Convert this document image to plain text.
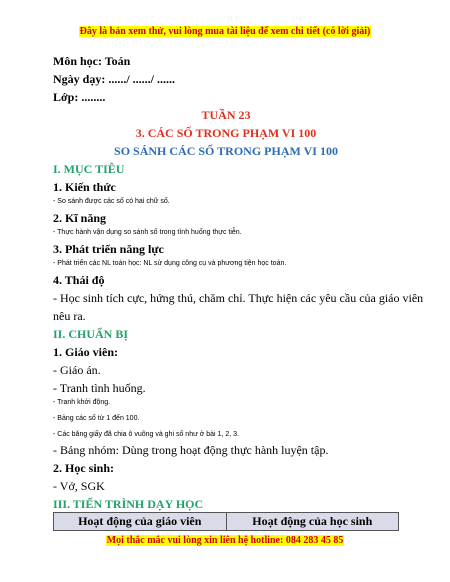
Đây là bản xem thử, vui lòng mua tài liệu để xem chi tiết (có lời giải)
Môn học: Toán
Ngày dạy: ....../ ....../ ......
Lớp: ........
TUẦN 23
3. CÁC SỐ TRONG PHẠM VI 100
SO SÁNH CÁC SỐ TRONG PHẠM VI 100
I. MỤC TIÊU
1. Kiến thức
- So sánh được các số có hai chữ số.
2. Kĩ năng
- Thực hành vận dụng so sánh số trong tình huống thực tiễn.
3. Phát triển năng lực
- Phát triển các NL toán học: NL sử dụng công cụ và phương tiện học toán.
4. Thái độ
- Học sinh tích cực, hứng thú, chăm chỉ. Thực hiện các yêu cầu của giáo viên
nêu ra.
II. CHUẨN BỊ
1. Giáo viên:
- Giáo án.
- Tranh tình huống.
- Tranh khởi động.
- Bảng các số từ 1 đến 100.
- Các băng giấy đã chia ô vuông và ghi số như ở bài 1, 2, 3.
- Bảng nhóm: Dùng trong hoạt động thực hành luyện tập.
2. Học sinh:
- Vở, SGK
III. TIẾN TRÌNH DẠY HỌC
Hoạt động của giáo viên	Hoạt động của học sinh
Mọi thắc mắc vui lòng xin liên hệ hotline: 084 283 45 85
